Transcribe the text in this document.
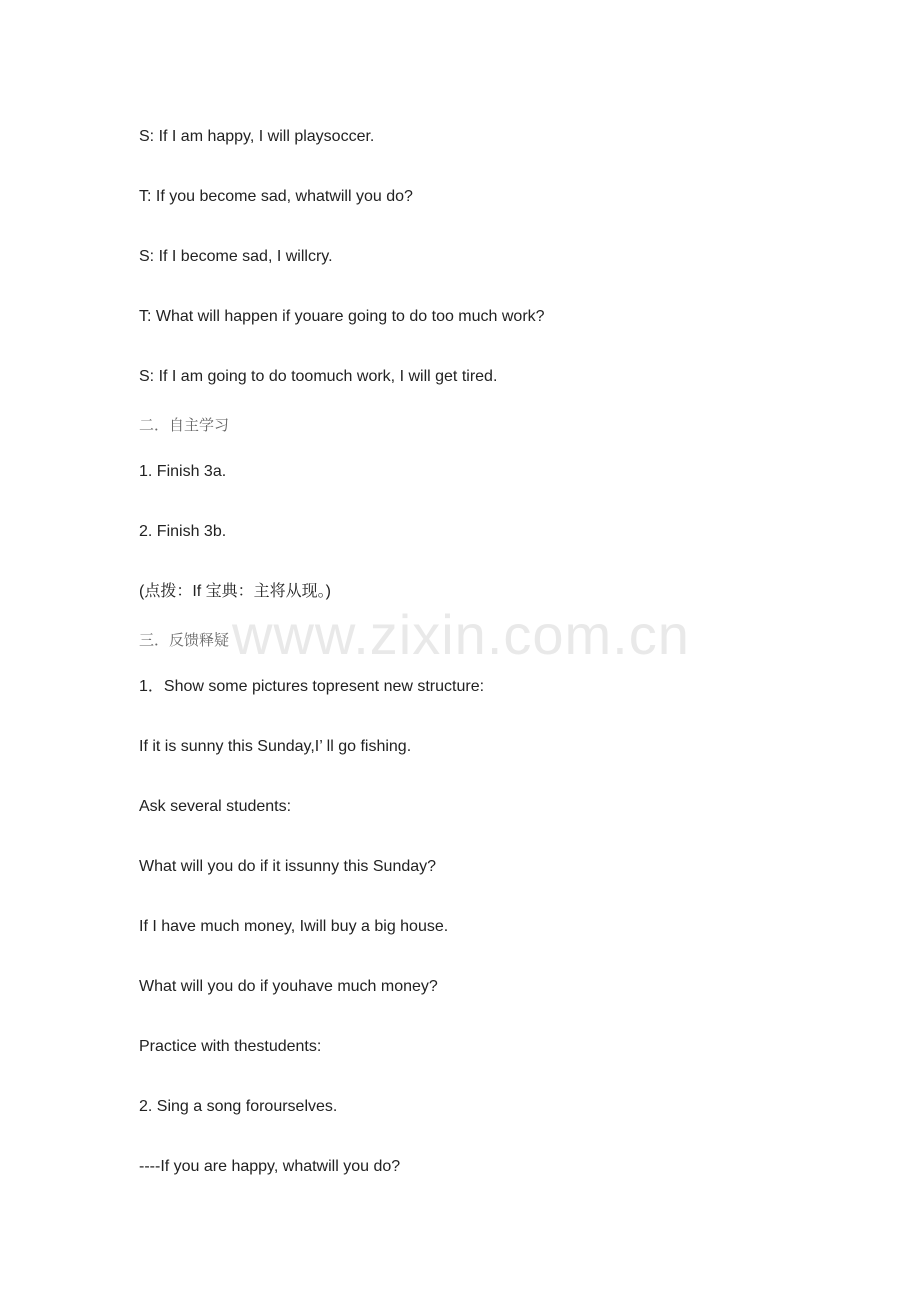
S: If I am happy, I will playsoccer.
T: If you become sad, whatwill you do?
S: If I become sad, I willcry.
T: What will happen if youare going to do too much work?
S: If I am going to do toomuch work, I will get tired.
二．自主学习
1. Finish 3a.
2. Finish 3b.
(点拨：If 宝典：主将从现。)
三．反馈释疑
1．Show some pictures topresent new structure:
If it is sunny this Sunday,I’ ll go fishing.
Ask several students:
What will you do if it issunny this Sunday?
If I have much money, Iwill buy a big house.
What will you do if youhave much money?
Practice with thestudents:
2. Sing a song forourselves.
----If you are happy, whatwill you do?
www.zixin.com.cn
